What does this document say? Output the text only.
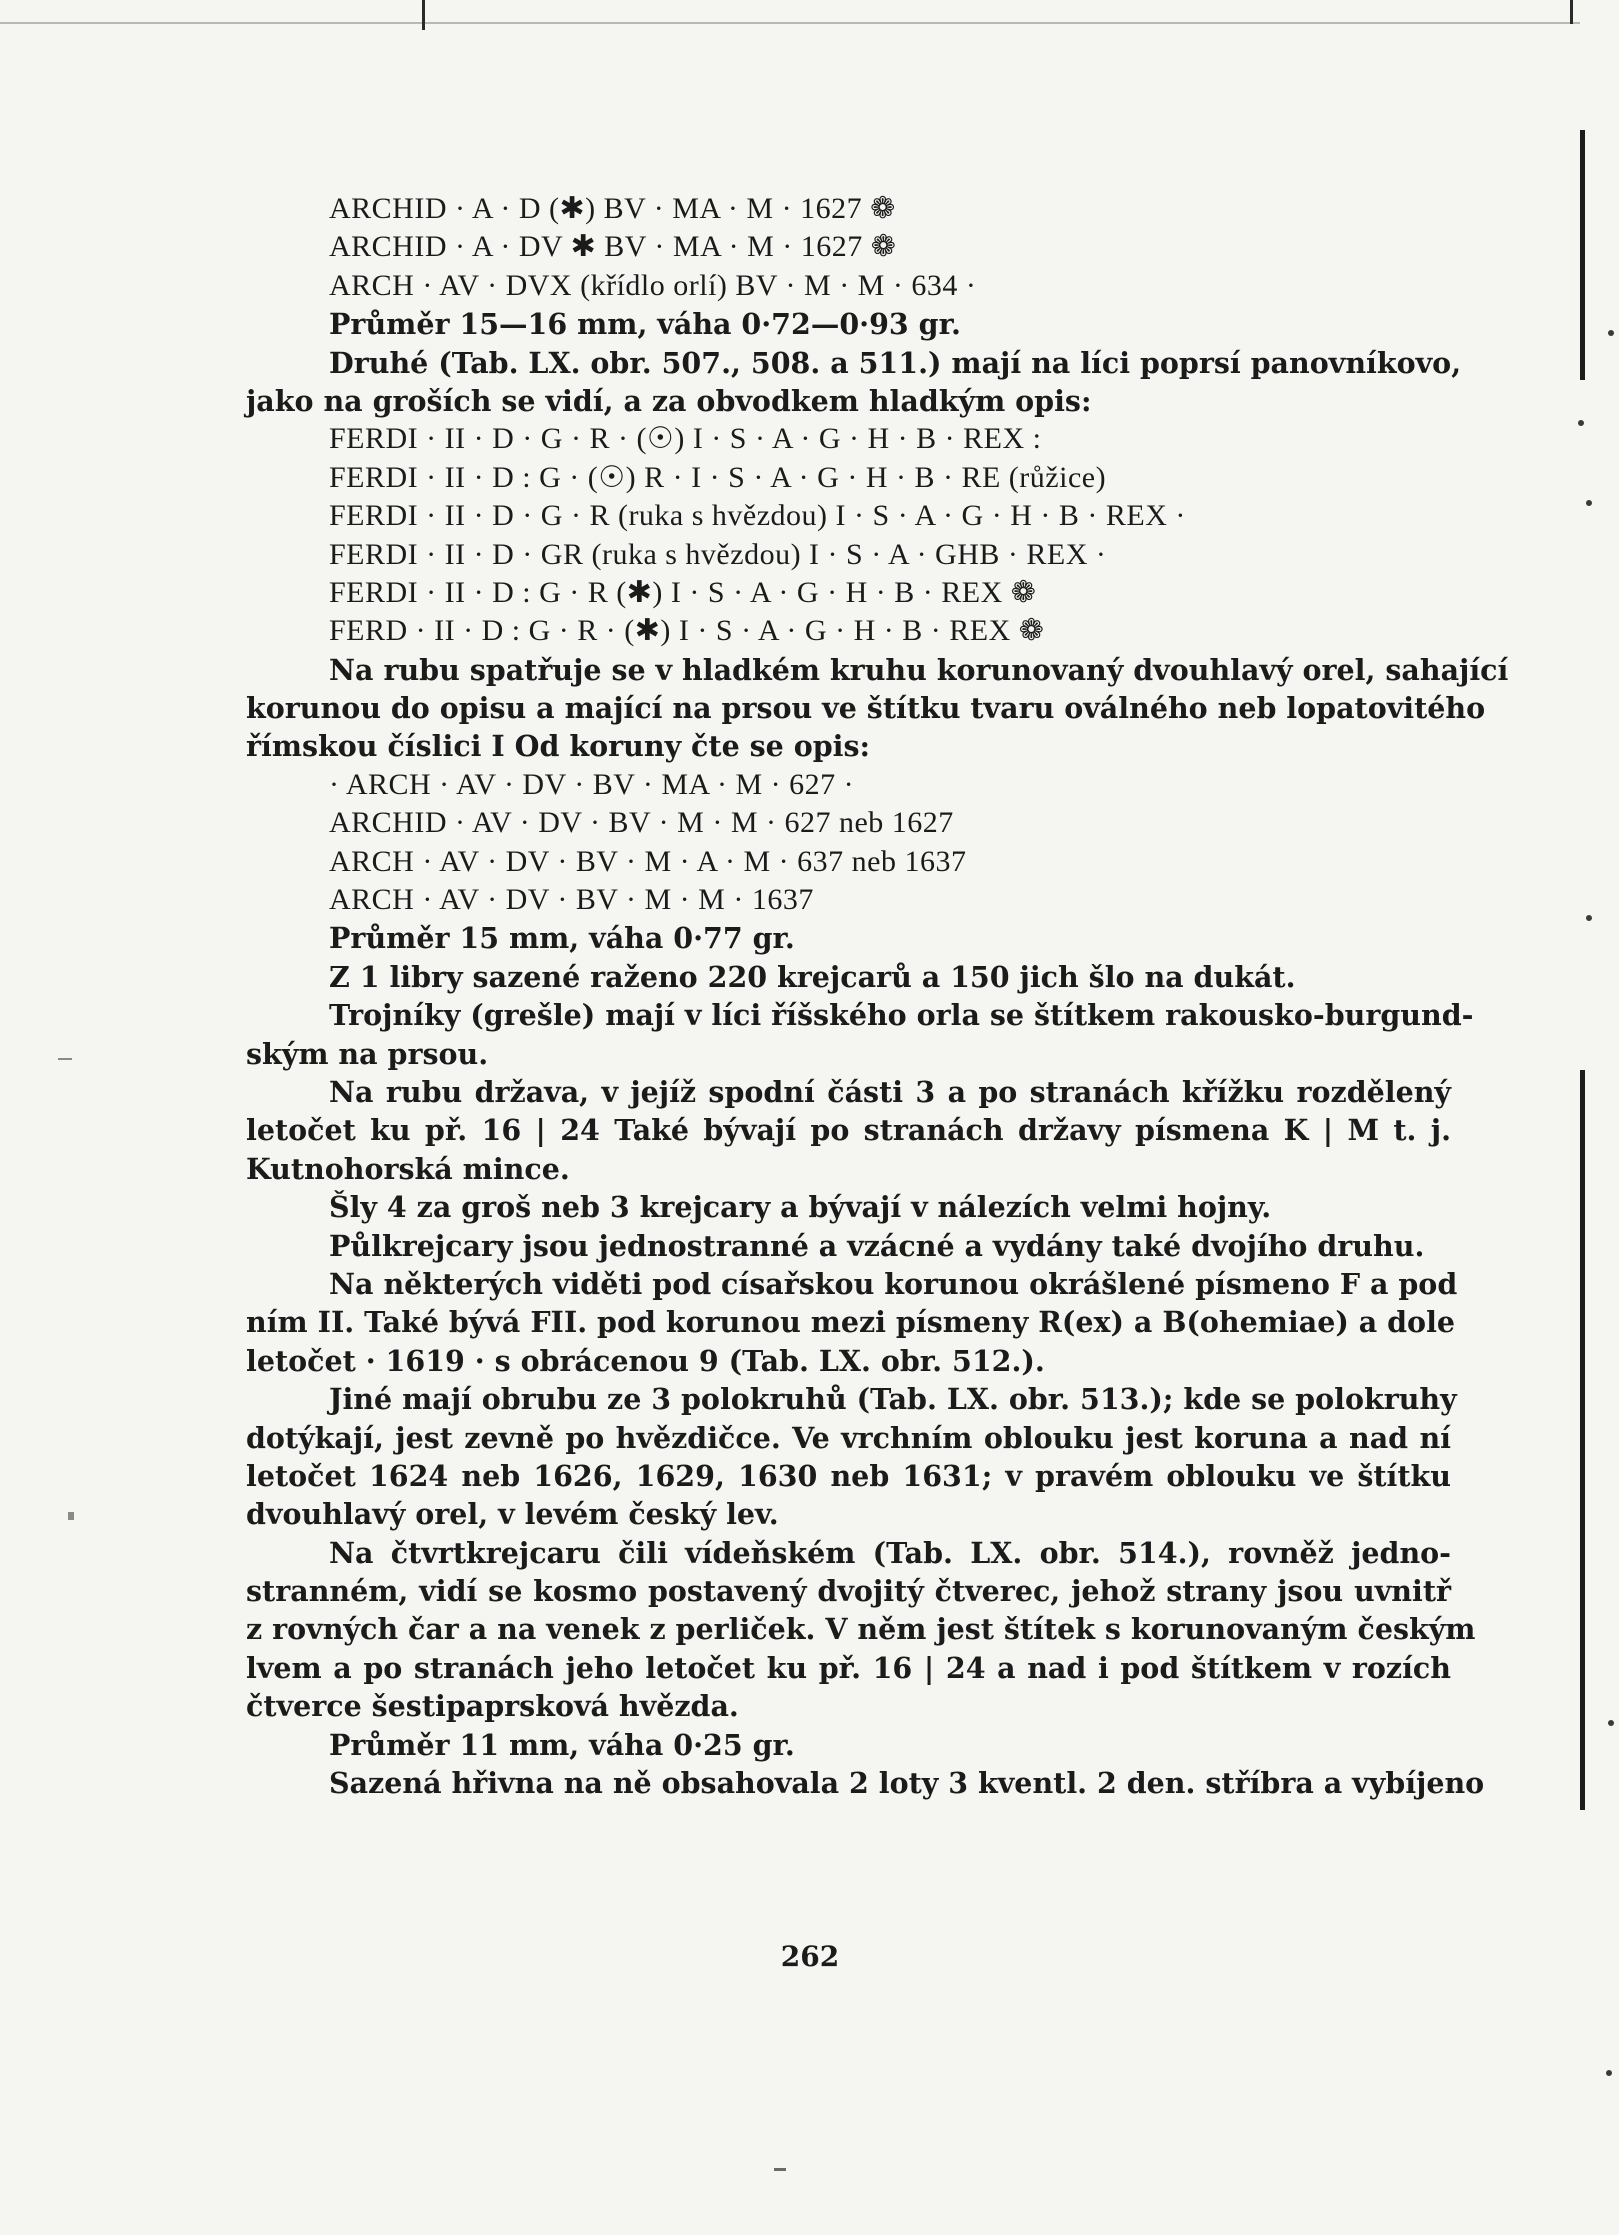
ARCHID · A · D (✱) BV · MA · M · 1627 ❁
ARCHID · A · DV ✱ BV · MA · M · 1627 ❁
ARCH · AV · DVX (křídlo orlí) BV · M · M · 634 ·
Průměr 15—16 mm, váha 0·72—0·93 gr.
Druhé (Tab. LX. obr. 507., 508. a 511.) mají na líci poprsí panovníkovo,
jako na groších se vidí, a za obvodkem hladkým opis:
FERDI · II · D · G · R · (☉) I · S · A · G · H · B · REX :
FERDI · II · D : G · (☉) R · I · S · A · G · H · B · RE (růžice)
FERDI · II · D · G · R (ruka s hvězdou) I · S · A · G · H · B · REX ·
FERDI · II · D · GR (ruka s hvězdou) I · S · A · GHB · REX ·
FERDI · II · D : G · R (✱) I · S · A · G · H · B · REX ❁
FERD · II · D : G · R · (✱) I · S · A · G · H · B · REX ❁
Na rubu spatřuje se v hladkém kruhu korunovaný dvouhlavý orel, sahající
korunou do opisu a mající na prsou ve štítku tvaru oválného neb lopatovitého
římskou číslici I Od koruny čte se opis:
· ARCH · AV · DV · BV · MA · M · 627 ·
ARCHID · AV · DV · BV · M · M · 627 neb 1627
ARCH · AV · DV · BV · M · A · M · 637 neb 1637
ARCH · AV · DV · BV · M · M · 1637
Průměr 15 mm, váha 0·77 gr.
Z 1 libry sazené raženo 220 krejcarů a 150 jich šlo na dukát.
Trojníky (grešle) mají v líci říšského orla se štítkem rakousko-burgund-
ským na prsou.
Na rubu država, v jejíž spodní části 3 a po stranách křížku rozdělený
letočet ku př. 16 | 24 Také bývají po stranách državy písmena K | M t. j.
Kutnohorská mince.
Šly 4 za groš neb 3 krejcary a bývají v nálezích velmi hojny.
Půlkrejcary jsou jednostranné a vzácné a vydány také dvojího druhu.
Na některých viděti pod císařskou korunou okrášlené písmeno F a pod
ním II. Také bývá FII. pod korunou mezi písmeny R(ex) a B(ohemiae) a dole
letočet · 1619 · s obrácenou 9 (Tab. LX. obr. 512.).
Jiné mají obrubu ze 3 polokruhů (Tab. LX. obr. 513.); kde se polokruhy
dotýkají, jest zevně po hvězdičce. Ve vrchním oblouku jest koruna a nad ní
letočet 1624 neb 1626, 1629, 1630 neb 1631; v pravém oblouku ve štítku
dvouhlavý orel, v levém český lev.
Na čtvrtkrejcaru čili vídeňském (Tab. LX. obr. 514.), rovněž jedno-
stranném, vidí se kosmo postavený dvojitý čtverec, jehož strany jsou uvnitř
z rovných čar a na venek z perliček. V něm jest štítek s korunovaným českým
lvem a po stranách jeho letočet ku př. 16 | 24 a nad i pod štítkem v rozích
čtverce šestipaprsková hvězda.
Průměr 11 mm, váha 0·25 gr.
Sazená hřivna na ně obsahovala 2 loty 3 kventl. 2 den. stříbra a vybíjeno
262
